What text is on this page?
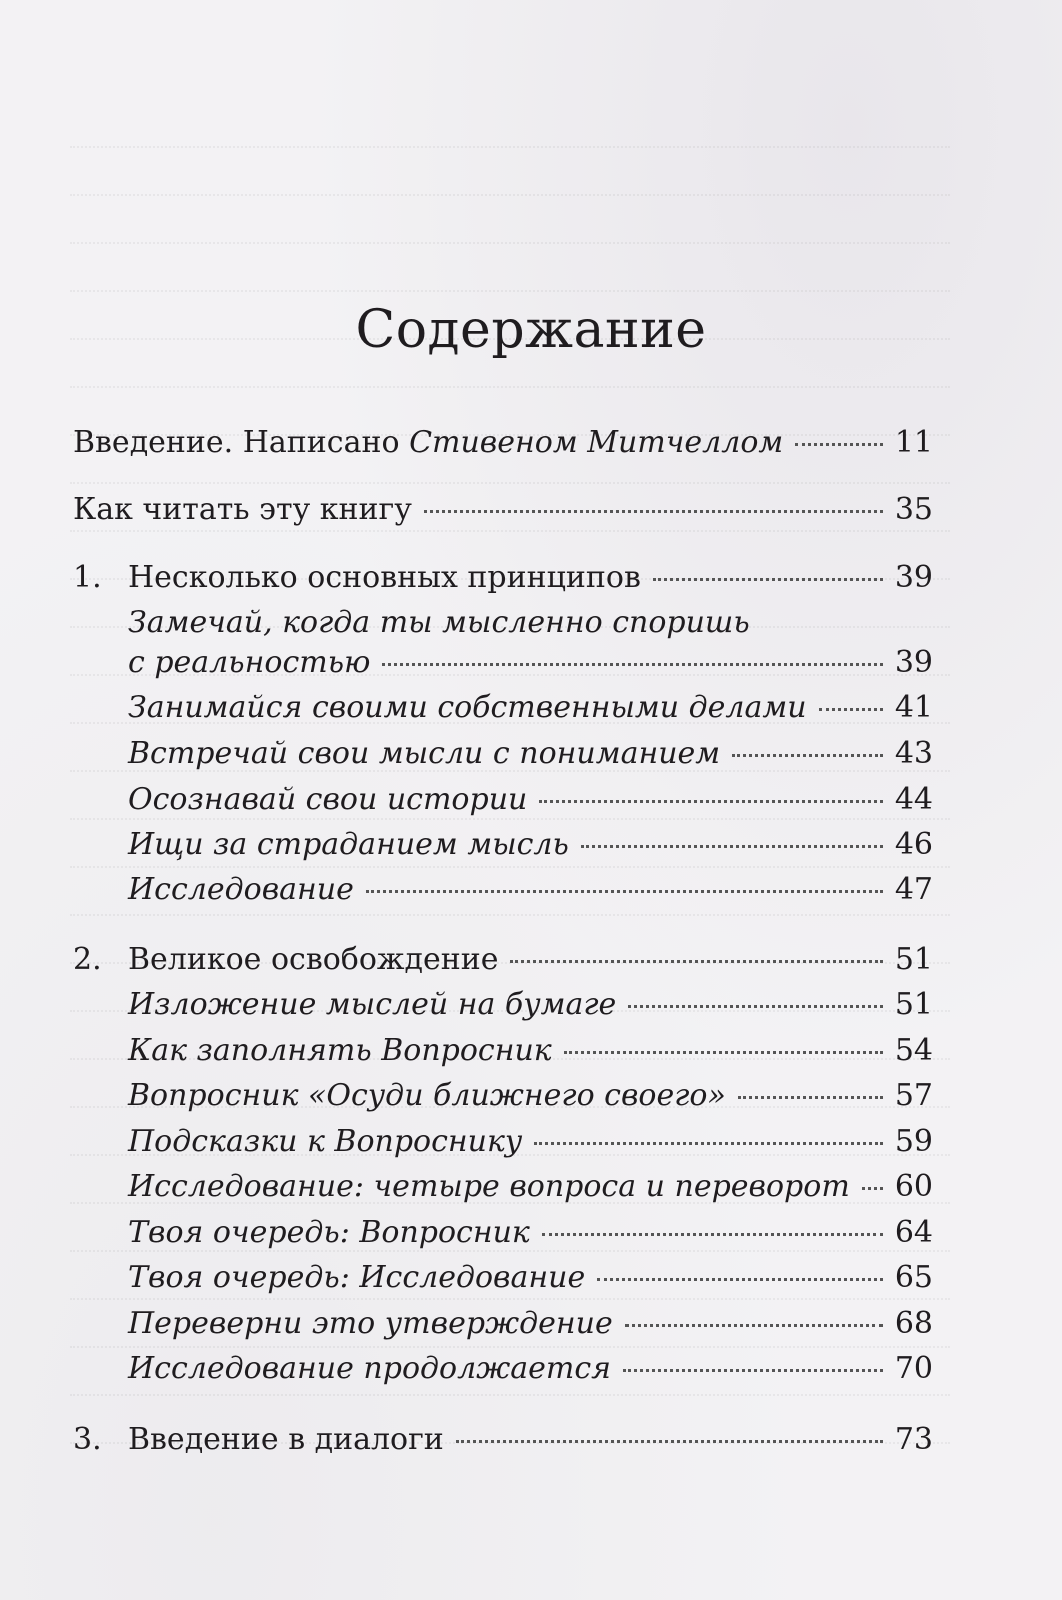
Содержание
Введение. Написано Стивеном Митчеллом	11
Как читать эту книгу	35
1. Несколько основных принципов	39
Замечай, когда ты мысленно споришь
с реальностью	39
Занимайся своими собственными делами	41
Встречай свои мысли с пониманием	43
Осознавай свои истории	44
Ищи за страданием мысль	46
Исследование	47
2. Великое освобождение	51
Изложение мыслей на бумаге	51
Как заполнять Вопросник	54
Вопросник «Осуди ближнего своего»	57
Подсказки к Вопроснику	59
Исследование: четыре вопроса и переворот 60
Твоя очередь: Вопросник	64
Твоя очередь: Исследование	65
Переверни это утверждение	68
Исследование продолжается	70
3. Введение в диалоги	73
